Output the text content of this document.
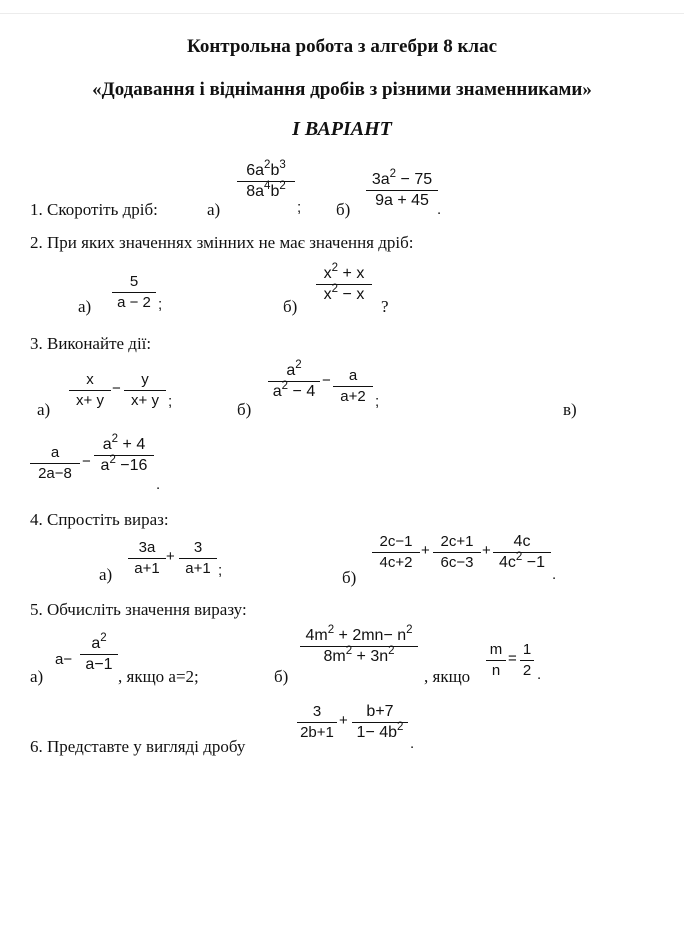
Контрольна робота з алгебри 8 клас
«Додавання і віднімання дробів з різними знаменниками»
І ВАРІАНТ
1. Скоротіть дріб:	а)
$6a^2b^3$
$8a^4b^2$
; б)
$3a^2 - 75$
9a + 45
.
2. При яких значеннях змінних не має значення дріб:
а)
5
a − 2 ;	б)
$x^2 + x$
$x^2 - x$
?
3. Виконайте дії:
а)
x
x+ y
−
y
x+ y ;	б)
$a^2$
$a^2 - 4$
−	a
a+2 ;	в)
a
2a−8
−
$a^2 + 4$
$a^2 -16$
.
4. Спростіть вираз:
а)
3a
a+1
+
3
a+1 ;	б)
2c−1
4c+2
+
2c+1
6c−3
+
4c
$4c^2 -1$
.
5. Обчисліть значення виразу:
а)
a−
$a^2$
a−1
, якщо а=2;	б)
$4m^2 + 2mn- n^2$
$8m^2 + 3n^2$
, якщо
m
n
=
1
2 .
6. Представте у вигляді дробу
3
2b+1
+
b+7
$1- 4b^2$
.
